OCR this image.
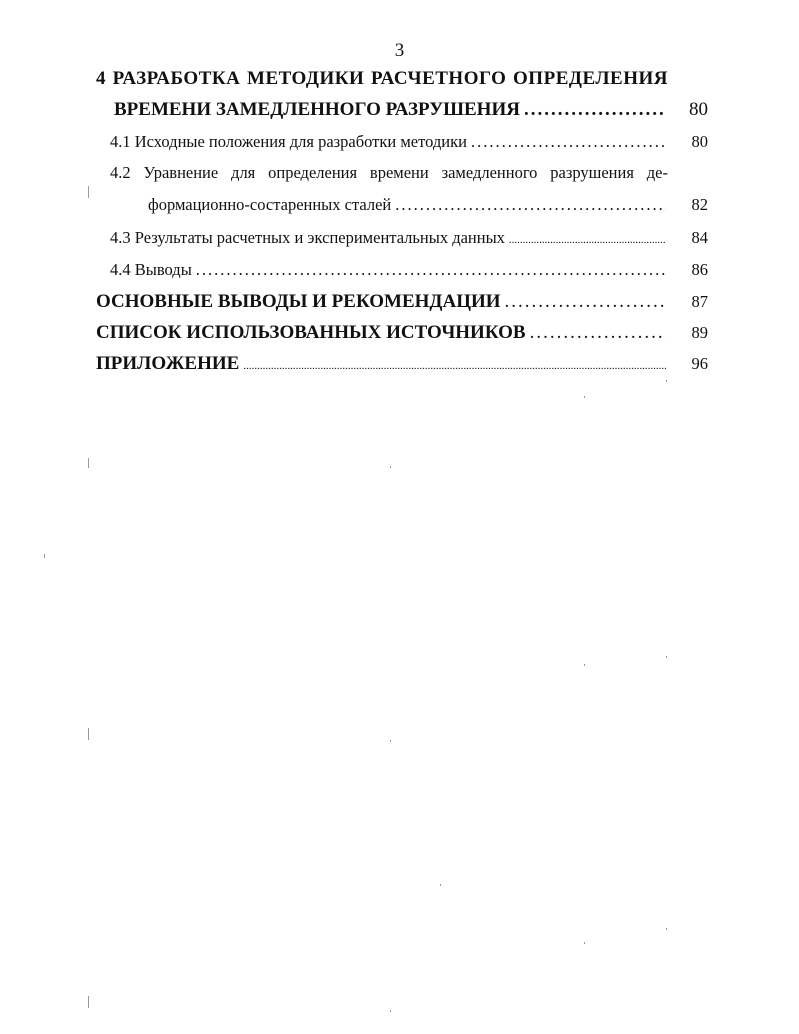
3
4 РАЗРАБОТКА МЕТОДИКИ РАСЧЕТНОГО ОПРЕДЕЛЕНИЯ
ВРЕМЕНИ ЗАМЕДЛЕННОГО РАЗРУШЕНИЯ .....	80
4.1 Исходные положения для разработки методики .....	80
4.2 Уравнение для определения времени замедленного разрушения де-
формационно-состаренных сталей .....	82
4.3 Результаты расчетных и экспериментальных данных .....	84
4.4 Выводы .....	86
ОСНОВНЫЕ ВЫВОДЫ И РЕКОМЕНДАЦИИ .....	87
СПИСОК ИСПОЛЬЗОВАННЫХ ИСТОЧНИКОВ .....	89
ПРИЛОЖЕНИЕ .....	96
